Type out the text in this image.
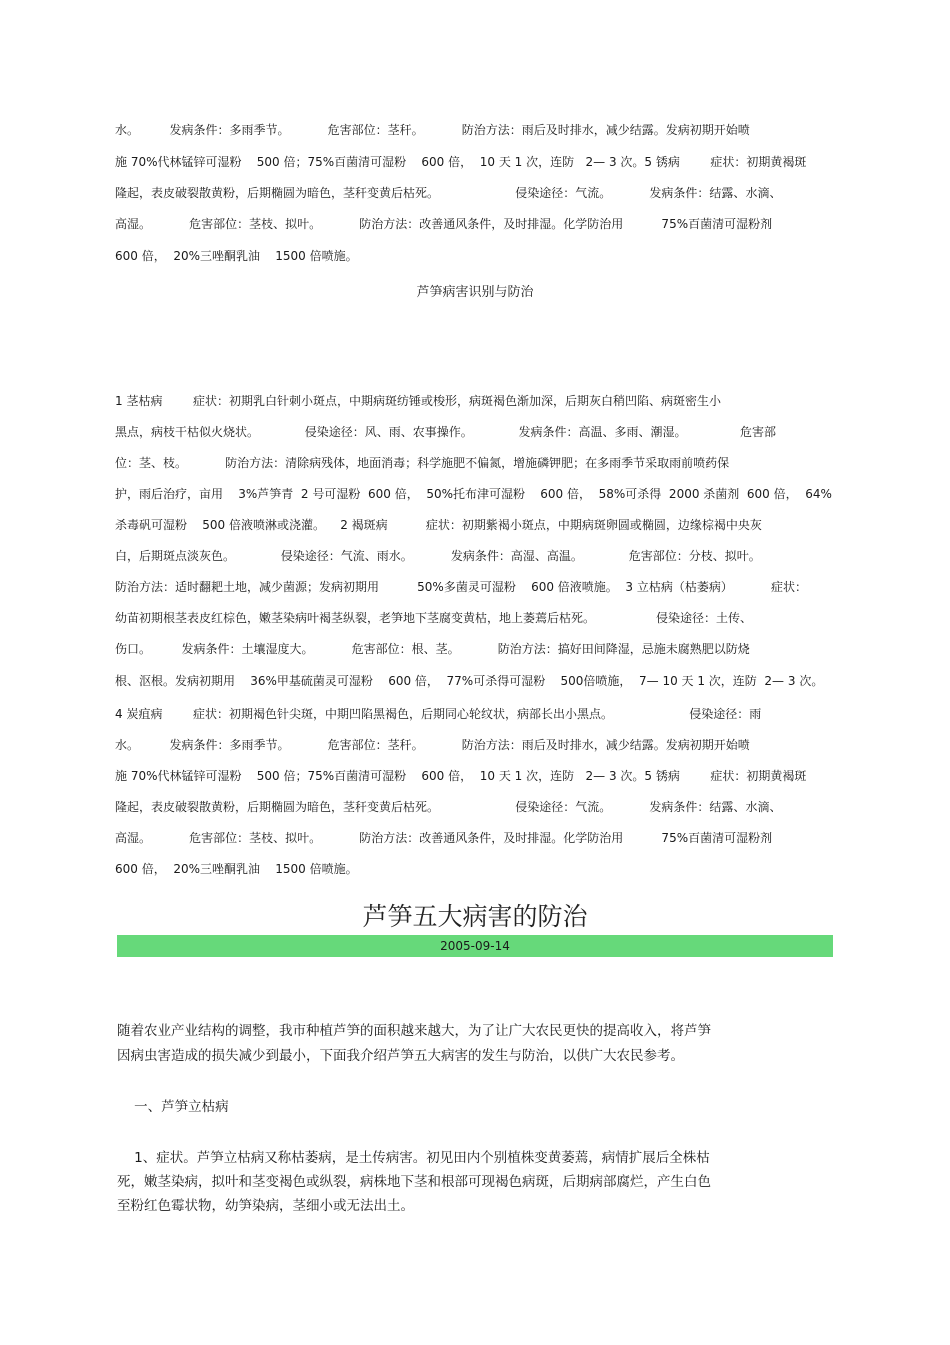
水。        发病条件：多雨季节。          危害部位：茎秆。          防治方法：雨后及时排水，减少结露。发病初期开始喷
施 70%代林锰锌可湿粉    500 倍；75%百菌清可湿粉    600 倍，  10 天 1 次，连防   2— 3 次。5 锈病        症状：初期黄褐斑
隆起，表皮破裂散黄粉，后期椭圆为暗色，茎秆变黄后枯死。                    侵染途径：气流。          发病条件：结露、水滴、
高湿。          危害部位：茎枝、拟叶。          防治方法：改善通风条件，及时排湿。化学防治用          75%百菌清可湿粉剂
600 倍，  20%三唑酮乳油    1500 倍喷施。
芦笋病害识别与防治
1 茎枯病        症状：初期乳白针刺小斑点，中期病斑纺锤或梭形，病斑褐色渐加深，后期灰白稍凹陷、病斑密生小
黑点，病枝干枯似火烧状。            侵染途径：风、雨、农事操作。            发病条件：高温、多雨、潮湿。              危害部
位：茎、枝。          防治方法：清除病残体，地面消毒；科学施肥不偏氮，增施磷钾肥；在多雨季节采取雨前喷药保
护，雨后治疗，亩用    3%芦笋青  2 号可湿粉  600 倍，  50%托布津可湿粉    600 倍，  58%可杀得  2000 杀菌剂  600 倍，  64%
杀毒矾可湿粉    500 倍液喷淋或浇灌。    2 褐斑病          症状：初期紫褐小斑点，中期病斑卵圆或椭圆，边缘棕褐中央灰
白，后期斑点淡灰色。            侵染途径：气流、雨水。          发病条件：高湿、高温。            危害部位：分枝、拟叶。
防治方法：适时翻耙土地，减少菌源；发病初期用          50%多菌灵可湿粉    600 倍液喷施。  3 立枯病（枯萎病）          症状：
幼苗初期根茎表皮红棕色，嫩茎染病叶褐茎纵裂，老笋地下茎腐变黄枯，地上萎蔫后枯死。                侵染途径：土传、
伤口。        发病条件：土壤湿度大。          危害部位：根、茎。          防治方法：搞好田间降湿，忌施未腐熟肥以防烧
根、沤根。发病初期用    36%甲基硫菌灵可湿粉    600 倍，  77%可杀得可湿粉    500倍喷施，  7— 10 天 1 次，连防  2— 3 次。
4 炭疽病        症状：初期褐色针尖斑，中期凹陷黑褐色，后期同心轮纹状，病部长出小黑点。                    侵染途径：雨
水。        发病条件：多雨季节。          危害部位：茎秆。          防治方法：雨后及时排水，减少结露。发病初期开始喷
施 70%代林锰锌可湿粉    500 倍；75%百菌清可湿粉    600 倍，  10 天 1 次，连防   2— 3 次。5 锈病        症状：初期黄褐斑
隆起，表皮破裂散黄粉，后期椭圆为暗色，茎秆变黄后枯死。                    侵染途径：气流。          发病条件：结露、水滴、
高湿。          危害部位：茎枝、拟叶。          防治方法：改善通风条件，及时排湿。化学防治用          75%百菌清可湿粉剂
600 倍，  20%三唑酮乳油    1500 倍喷施。
芦笋五大病害的防治
2005-09-14
随着农业产业结构的调整，我市种植芦笋的面积越来越大，为了让广大农民更快的提高收入，将芦笋
因病虫害造成的损失减少到最小，下面我介绍芦笋五大病害的发生与防治，以供广大农民参考。
一、芦笋立枯病
1、症状。芦笋立枯病又称枯萎病，是土传病害。初见田内个别植株变黄萎蔫，病情扩展后全株枯
死，嫩茎染病，拟叶和茎变褐色或纵裂，病株地下茎和根部可现褐色病斑，后期病部腐烂，产生白色
至粉红色霉状物，幼笋染病，茎细小或无法出土。
